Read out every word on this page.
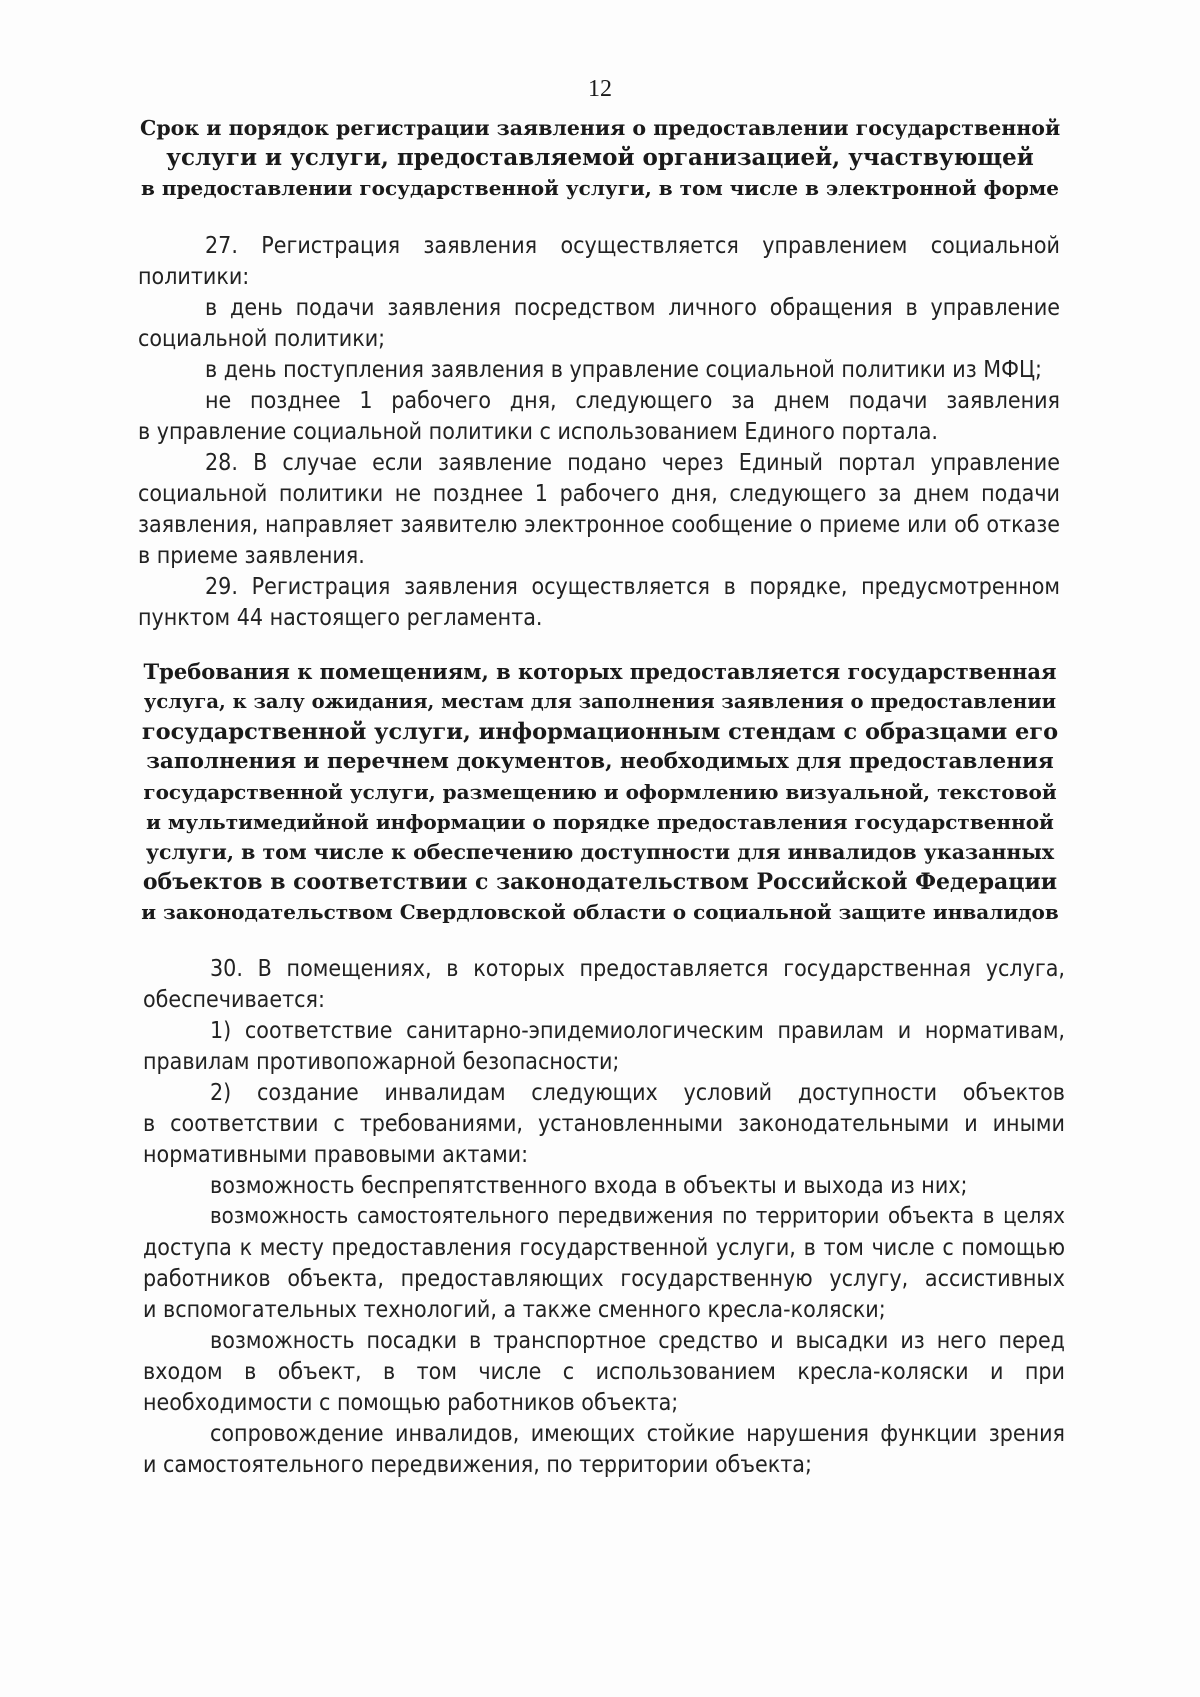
12
Срок и порядок регистрации заявления о предоставлении государственной
услуги и услуги, предоставляемой организацией, участвующей
в предоставлении государственной услуги, в том числе в электронной форме
27. Регистрация заявления осуществляется управлением социальной
политики:
в день подачи заявления посредством личного обращения в управление
социальной политики;
в день поступления заявления в управление социальной политики из МФЦ;
не позднее 1 рабочего дня, следующего за днем подачи заявления
в управление социальной политики с использованием Единого портала.
28. В случае если заявление подано через Единый портал управление
социальной политики не позднее 1 рабочего дня, следующего за днем подачи
заявления, направляет заявителю электронное сообщение о приеме или об отказе
в приеме заявления.
29. Регистрация заявления осуществляется в порядке, предусмотренном
пунктом 44 настоящего регламента.
Требования к помещениям, в которых предоставляется государственная
услуга, к залу ожидания, местам для заполнения заявления о предоставлении
государственной услуги, информационным стендам с образцами его
заполнения и перечнем документов, необходимых для предоставления
государственной услуги, размещению и оформлению визуальной, текстовой
и мультимедийной информации о порядке предоставления государственной
услуги, в том числе к обеспечению доступности для инвалидов указанных
объектов в соответствии с законодательством Российской Федерации
и законодательством Свердловской области о социальной защите инвалидов
30. В помещениях, в которых предоставляется государственная услуга,
обеспечивается:
1) соответствие санитарно-эпидемиологическим правилам и нормативам,
правилам противопожарной безопасности;
2) создание инвалидам следующих условий доступности объектов
в соответствии с требованиями, установленными законодательными и иными
нормативными правовыми актами:
возможность беспрепятственного входа в объекты и выхода из них;
возможность самостоятельного передвижения по территории объекта в целях
доступа к месту предоставления государственной услуги, в том числе с помощью
работников объекта, предоставляющих государственную услугу, ассистивных
и вспомогательных технологий, а также сменного кресла-коляски;
возможность посадки в транспортное средство и высадки из него перед
входом в объект, в том числе с использованием кресла-коляски и при
необходимости с помощью работников объекта;
сопровождение инвалидов, имеющих стойкие нарушения функции зрения
и самостоятельного передвижения, по территории объекта;
